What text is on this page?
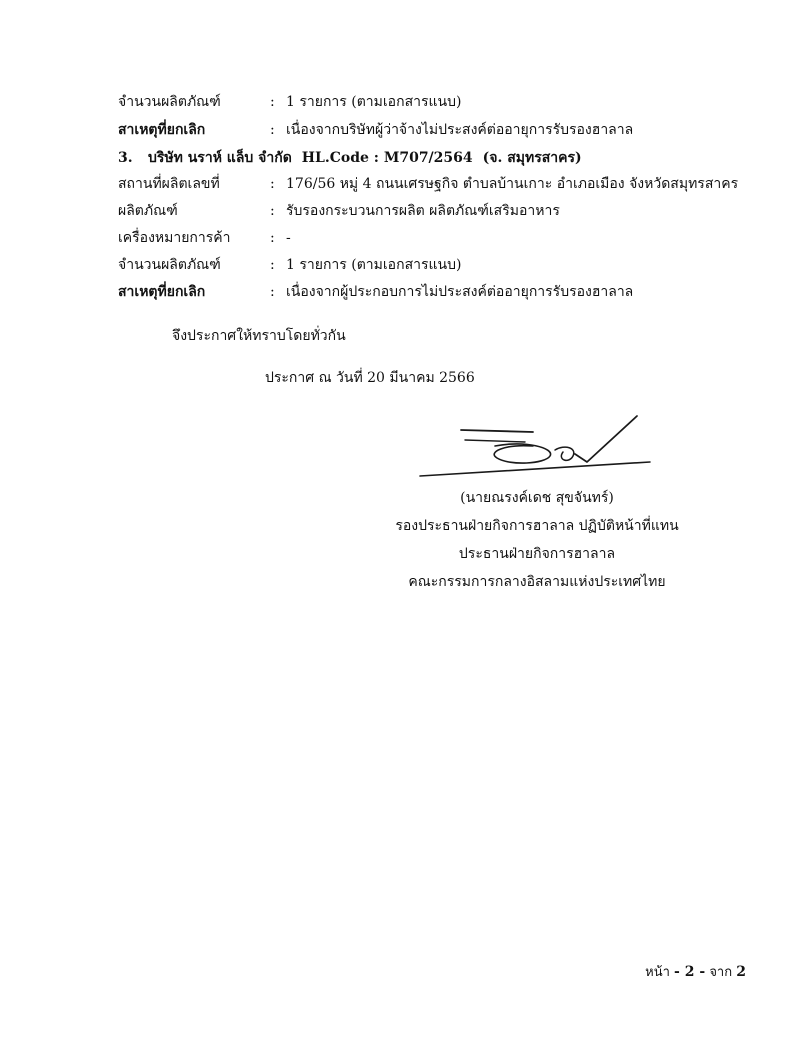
จำนวนผลิตภัณฑ์	: 1 รายการ (ตามเอกสารแนบ)
สาเหตุที่ยกเลิก	: เนื่องจากบริษัทผู้ว่าจ้างไม่ประสงค์ต่ออายุการรับรองฮาลาล
3. บริษัท นราห์ แล็บ จำกัด HL.Code : M707/2564 (จ. สมุทรสาคร)
สถานที่ผลิตเลขที่	: 176/56 หมู่ 4 ถนนเศรษฐกิจ ตำบลบ้านเกาะ อำเภอเมือง จังหวัดสมุทรสาคร
ผลิตภัณฑ์	: รับรองกระบวนการผลิต ผลิตภัณฑ์เสริมอาหาร
เครื่องหมายการค้า	: -
จำนวนผลิตภัณฑ์	: 1 รายการ (ตามเอกสารแนบ)
สาเหตุที่ยกเลิก	: เนื่องจากผู้ประกอบการไม่ประสงค์ต่ออายุการรับรองฮาลาล
จึงประกาศให้ทราบโดยทั่วกัน
ประกาศ ณ วันที่ 20 มีนาคม 2566
(นายณรงค์เดช สุขจันทร์)
รองประธานฝ่ายกิจการฮาลาล ปฏิบัติหน้าที่แทน
ประธานฝ่ายกิจการฮาลาล
คณะกรรมการกลางอิสลามแห่งประเทศไทย
หน้า - 2 - จาก 2
